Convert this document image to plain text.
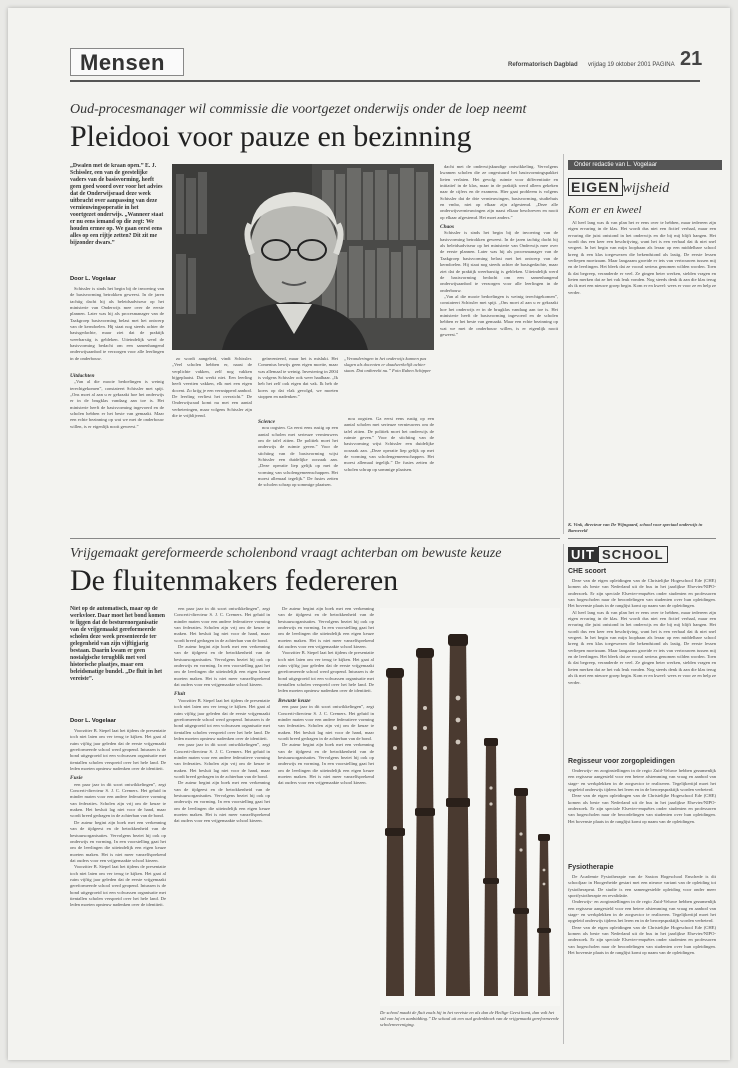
Mensen	Reformatorisch Dagblad vrijdag 19 oktober 2001 PAGINA 21
Oud-procesmanager wil commissie die voortgezet onderwijs onder de loep neemt
Pleidooi voor pauze en bezinning
„Dwalen met de kraan open.” E. J. Schissler, een van de geestelijke vaders van de basisvorming, heeft geen goed woord over voor het advies dat de Onderwijsraad deze week uitbracht over aanpassing van deze vernieuwingsoperatie in het voortgezet onderwijs. „Wanneer staat er nu eens iemand op die zegt: We houden ermee op. We gaan eerst eens alles op een rijtje zetten? Dit zit me bijzonder dwars.”
Door L. Vogelaar

Schissler is sinds het begin bij de invoering van de basisvorming betrokken geweest. In de jaren tachtig dacht hij als beleidsadviseur op het ministerie van Onderwijs mee over de eerste plannen. Later was hij als procesmanager van de Taakgroep basisvorming belast met het ontwerp van de kerndoelen. Hij staat nog steeds achter de basisgedachte, maar ziet dat de praktijk weerbarstig is gebleken. Uiteindelijk werd de basisvorming bedacht om een samenhangend onderwijsaanbod te verzorgen voor alle leerlingen in de onderbouw.

Uitdachten

„Van al die mooie bedoelingen is weinig terechtgekomen”, constateert Schissler met spijt. „Ons moet al aan u er gekraakt hoe het onderwijs er in de brugklas vandaag aan toe is. Het ministerie heeft de basisvorming ingevoerd en de scholen hebben er het beste van gemaakt. Maar een echte bezinning op wat we met de onderbouw willen, is er eigenlijk nooit geweest.”

zo wordt aangeleid, vindt Schissler. „Veel scholen hebben er, naast de verplichte vakken, zelf nog vakken bijgeplaatst. Dat werkt niet. Een leerling heeft veertien vakken, elk met een eigen docent. Zo krijg je een versnipperd aanbod. De leerling verliest het overzicht.” De Onderwijsraad komt nu met een aantal verbeteringen, maar volgens Schissler zijn die te vrijblijvend.

geïnventeerd, maar het is mislukt. Het Comenius bewijs geen eigen moeite, maar was allemaal te weinig. Investering in 2004 is volgens Schissler ook weer haalbaar. „Ik heb het zelf ook eigen dat vak. Ik heb de koers op dat vlak gevolgd, we moeten stoppen en nadenken.”

Science

nou oogsten. Ga eerst eens rustig op een aantal scholen met serieuze vernieuwers om de tafel zitten. De politiek moet het onderwijs de ruimte geven.” Voor de stichting van de basisvorming wijst Schissler een duidelijke oorzaak aan. „Deze operatie liep gelijk op met de vorming van scholengemeenschappen. Het moest allemaal tegelijk.” De fusies zetten de scholen schrap op sommige plaatsen.

„Veranderingen in het onderwijs kunnen pas slagen als docenten er daadwerkelijk achter staan. Dat ontbreekt nu.” Foto Ruben Schipper

nou oogsten. Ga eerst eens rustig op een aantal scholen met serieuze vernieuwers om de tafel zitten. De politiek moet het onderwijs de ruimte geven.” Voor de stichting van de basisvorming wijst Schissler een duidelijke oorzaak aan. „Deze operatie liep gelijk op met de vorming van scholengemeenschappen. Het moest allemaal tegelijk.” De fusies zetten de scholen schrap op sommige plaatsen.

dacht met de onderwijskundige ontwikkeling. Vervolgens kwamen scholen die ze ongestuurd het basisvormingspakket lieten verlaten. Het gevolg: ruimte voor differentiatie en initiatief in de klas, maar in de praktijk werd alleen gekeken naar de cijfers en de examens. Hier gaat probleem is volgens Schissler dat de drie vernieuwingen, basisvorming, studiehuis en vmbo, niet op elkaar zijn afgestemd. „Deze alle onderwijsvernieuwingen zijn naast elkaar beschreven en nooit op elkaar afgestemd. Het moet anders.”

Chaos

Schissler is sinds het begin bij de invoering van de basisvorming betrokken geweest. In de jaren tachtig dacht hij als beleidsadviseur op het ministerie van Onderwijs mee over de eerste plannen. Later was hij als procesmanager van de Taakgroep basisvorming belast met het ontwerp van de kerndoelen. Hij staat nog steeds achter de basisgedachte, maar ziet dat de praktijk weerbarstig is gebleken. Uiteindelijk werd de basisvorming bedacht om een samenhangend onderwijsaanbod te verzorgen voor alle leerlingen in de onderbouw.

„Van al die mooie bedoelingen is weinig terechtgekomen”, constateert Schissler met spijt. „Ons moet al aan u er gekraakt hoe het onderwijs er in de brugklas vandaag aan toe is. Het ministerie heeft de basisvorming ingevoerd en de scholen hebben er het beste van gemaakt. Maar een echte bezinning op wat we met de onderbouw willen, is er eigenlijk nooit geweest.”

Onder redactie van L. Vogelaar
EIGEN wijsheid
Kom er en kweel

Al heel lang was ik van plan het er eens over te hebben, maar iedereen zijn eigen ervaring in de klas. Het wordt dus niet een fictief verhaal, maar een ervaring die juist ontstond in het onderwijs en die bij mij blijft hangen. Het wordt dus een keer een beschrijving, want het is een verhaal dat ik niet snel vergeet. In het begin van mijn loopbaan als leraar op een middelbare school kreeg ik een klas toegewezen die bekendstond als lastig. De eerste lessen verliepen moeizaam. Maar langzaam groeide er iets van vertrouwen tussen mij en de leerlingen. Het bleek dat ze vooral serieus genomen wilden worden. Toen ik dat begreep, veranderde er veel. Ze gingen beter werken, stelden vragen en lieten merken dat ze het vak leuk vonden. Nog steeds denk ik aan die klas terug als ik met een nieuwe groep begin. Kom er en kweel: wees er voor ze en help ze verder.

K. Vink, directeur van De Wijngaard, school voor speciaal onderwijs in Barneveld
UIT SCHOOL
CHE scoort

Deze van de eigen opleidingen van de Christelijke Hogeschool Ede (CHE) komen als beste van Nederland uit de bus in het jaarlijkse Elsevier/NIPO-onderzoek. Er zijn speciale Elsevier-enquêtes onder studenten en professoren van hogescholen naar de beoordelingen van studenten over hun opleidingen. Het bovenste plaats in de ranglijst komt op naam van de opleidingen.

Al heel lang was ik van plan het er eens over te hebben, maar iedereen zijn eigen ervaring in de klas. Het wordt dus niet een fictief verhaal, maar een ervaring die juist ontstond in het onderwijs en die bij mij blijft hangen. Het wordt dus een keer een beschrijving, want het is een verhaal dat ik niet snel vergeet. In het begin van mijn loopbaan als leraar op een middelbare school kreeg ik een klas toegewezen die bekendstond als lastig. De eerste lessen verliepen moeizaam. Maar langzaam groeide er iets van vertrouwen tussen mij en de leerlingen. Het bleek dat ze vooral serieus genomen wilden worden. Toen ik dat begreep, veranderde er veel. Ze gingen beter werken, stelden vragen en lieten merken dat ze het vak leuk vonden. Nog steeds denk ik aan die klas terug als ik met een nieuwe groep begin. Kom er en kweel: wees er voor ze en help ze verder.

Regisseur voor zorgopleidingen

Onderwijs- en zorginstellingen in de regio Zuid-Veluwe hebben gezamenlijk een regisseur aangesteld voor een betere afstemming van vraag en aanbod van stage- en werkplekken in de zorgsector te realiseren. Tegelijkertijd moet het opgeleid onderwijs tijdens het leren en in de beroepspraktijk worden verbeterd.

Deze van de eigen opleidingen van de Christelijke Hogeschool Ede (CHE) komen als beste van Nederland uit de bus in het jaarlijkse Elsevier/NIPO-onderzoek. Er zijn speciale Elsevier-enquêtes onder studenten en professoren van hogescholen naar de beoordelingen van studenten over hun opleidingen. Het bovenste plaats in de ranglijst komt op naam van de opleidingen.

Fysiotherapie

De Academie Fysiotherapie van de Saxion Hogeschool Enschede is dit schooljaar in Hoogerheide gestart met een nieuwe variant van de opleiding tot fysiotherapeut. De studie is een samengestelde opleiding voor onder meer sportfysiotherapie en revalidatie.

Onderwijs- en zorginstellingen in de regio Zuid-Veluwe hebben gezamenlijk een regisseur aangesteld voor een betere afstemming van vraag en aanbod van stage- en werkplekken in de zorgsector te realiseren. Tegelijkertijd moet het opgeleid onderwijs tijdens het leren en in de beroepspraktijk worden verbeterd.

Deze van de eigen opleidingen van de Christelijke Hogeschool Ede (CHE) komen als beste van Nederland uit de bus in het jaarlijkse Elsevier/NIPO-onderzoek. Er zijn speciale Elsevier-enquêtes onder studenten en professoren van hogescholen naar de beoordelingen van studenten over hun opleidingen. Het bovenste plaats in de ranglijst komt op naam van de opleidingen.

Vrijgemaakt gereformeerde scholenbond vraagt achterban om bewuste keuze
De fluitenmakers federeren
Niet op de automatisch, maar op de werkvloer. Daar moet het bond komen te liggen dat de besturenorganisatie van de vrijgemaakt gereformeerde scholen deze week presenteerde ter gelegenheid van zijn vijftigjarig bestaan. Daarin kwam er geen nostalgische terugblik met veel historische plaatjes, maar een beleidsmatige bundel. „De fluit in het vereiste”.
Door L. Vogelaar

Voorzitter B. Siepel laat het tijdens de presentatie toch niet laten om ver terug te kijken. Het gaat al ruim vijftig jaar geleden dat de eerste vrijgemaakt gereformeerde school werd geopend. Intussen is de bond uitgegroeid tot een volwassen organisatie met tientallen scholen verspreid over het hele land. De leden moeten opnieuw nadenken over de identiteit.

Fusie

een paar jaar in dit soort ontwikkelingen”, zegt Concerti-directeur S. J. C. Cremers. Het geluid in minder maten voor een andere federatieve vorming van federaties. Scholen zijn vrij om de keuze te maken. Het besluit lag niet voor de hand, maar wordt breed gedragen in de achterban van de bond.

De auteur begint zijn boek met een verkenning van de tijdgeest en de betrokkenheid van de bestuursorganisaties. Vervolgens beziet hij ook op onderwijs en vorming. In een voorstelling gaat het om de leerlingen die uiteindelijk een eigen keuze moeten maken. Het is niet meer vanzelfsprekend dat ouders voor een vrijgemaakte school kiezen.

Voorzitter B. Siepel laat het tijdens de presentatie toch niet laten om ver terug te kijken. Het gaat al ruim vijftig jaar geleden dat de eerste vrijgemaakt gereformeerde school werd geopend. Intussen is de bond uitgegroeid tot een volwassen organisatie met tientallen scholen verspreid over het hele land. De leden moeten opnieuw nadenken over de identiteit.

een paar jaar in dit soort ontwikkelingen”, zegt Concerti-directeur S. J. C. Cremers. Het geluid in minder maten voor een andere federatieve vorming van federaties. Scholen zijn vrij om de keuze te maken. Het besluit lag niet voor de hand, maar wordt breed gedragen in de achterban van de bond.

De auteur begint zijn boek met een verkenning van de tijdgeest en de betrokkenheid van de bestuursorganisaties. Vervolgens beziet hij ook op onderwijs en vorming. In een voorstelling gaat het om de leerlingen die uiteindelijk een eigen keuze moeten maken. Het is niet meer vanzelfsprekend dat ouders voor een vrijgemaakte school kiezen.

Fluit

Voorzitter B. Siepel laat het tijdens de presentatie toch niet laten om ver terug te kijken. Het gaat al ruim vijftig jaar geleden dat de eerste vrijgemaakt gereformeerde school werd geopend. Intussen is de bond uitgegroeid tot een volwassen organisatie met tientallen scholen verspreid over het hele land. De leden moeten opnieuw nadenken over de identiteit.

een paar jaar in dit soort ontwikkelingen”, zegt Concerti-directeur S. J. C. Cremers. Het geluid in minder maten voor een andere federatieve vorming van federaties. Scholen zijn vrij om de keuze te maken. Het besluit lag niet voor de hand, maar wordt breed gedragen in de achterban van de bond.

De auteur begint zijn boek met een verkenning van de tijdgeest en de betrokkenheid van de bestuursorganisaties. Vervolgens beziet hij ook op onderwijs en vorming. In een voorstelling gaat het om de leerlingen die uiteindelijk een eigen keuze moeten maken. Het is niet meer vanzelfsprekend dat ouders voor een vrijgemaakte school kiezen.

De auteur begint zijn boek met een verkenning van de tijdgeest en de betrokkenheid van de bestuursorganisaties. Vervolgens beziet hij ook op onderwijs en vorming. In een voorstelling gaat het om de leerlingen die uiteindelijk een eigen keuze moeten maken. Het is niet meer vanzelfsprekend dat ouders voor een vrijgemaakte school kiezen.

Voorzitter B. Siepel laat het tijdens de presentatie toch niet laten om ver terug te kijken. Het gaat al ruim vijftig jaar geleden dat de eerste vrijgemaakt gereformeerde school werd geopend. Intussen is de bond uitgegroeid tot een volwassen organisatie met tientallen scholen verspreid over het hele land. De leden moeten opnieuw nadenken over de identiteit.

Bewuste keuze

een paar jaar in dit soort ontwikkelingen”, zegt Concerti-directeur S. J. C. Cremers. Het geluid in minder maten voor een andere federatieve vorming van federaties. Scholen zijn vrij om de keuze te maken. Het besluit lag niet voor de hand, maar wordt breed gedragen in de achterban van de bond.

De auteur begint zijn boek met een verkenning van de tijdgeest en de betrokkenheid van de bestuursorganisaties. Vervolgens beziet hij ook op onderwijs en vorming. In een voorstelling gaat het om de leerlingen die uiteindelijk een eigen keuze moeten maken. Het is niet meer vanzelfsprekend dat ouders voor een vrijgemaakte school kiezen.

De school maakt de fluit zoals hij in het vereiste en als dan de Heilige Geest komt, dan valt het stil van lof en aanbidding.” De schaal uit een oud gedenkboek van de vrijgemaakt gereformeerde scholenvereniging.
